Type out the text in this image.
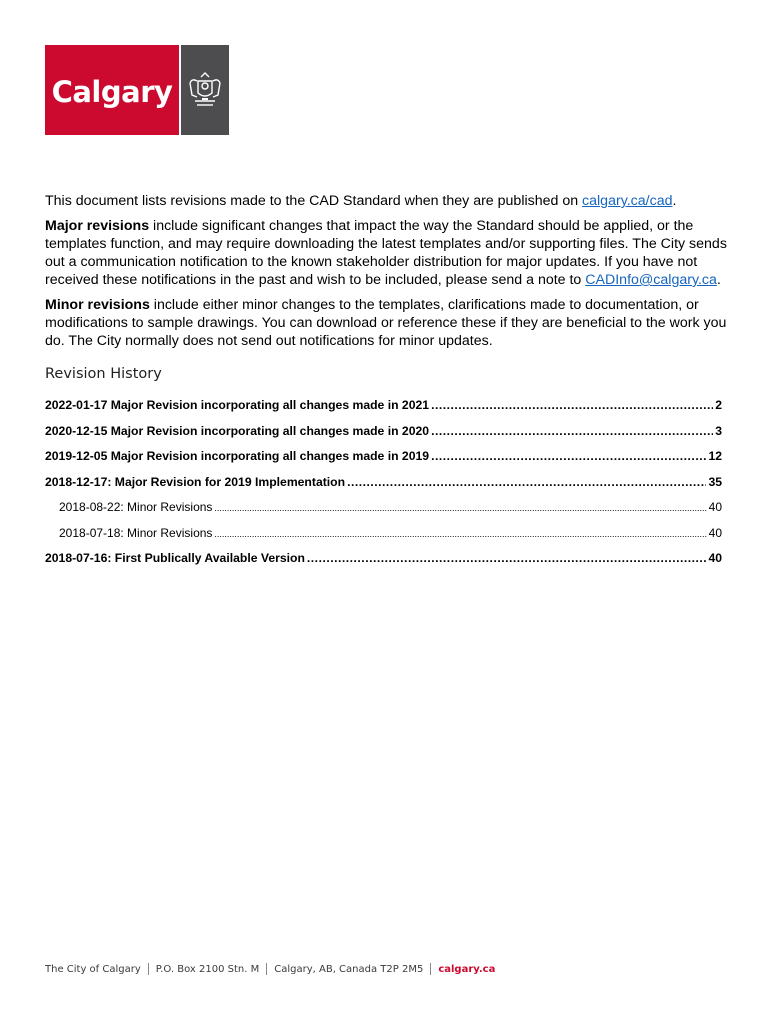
Calgary

This document lists revisions made to the CAD Standard when they are published on calgary.ca/cad.

Major revisions include significant changes that impact the way the Standard should be applied, or the templates function, and may require downloading the latest templates and/or supporting files. The City sends out a communication notification to the known stakeholder distribution for major updates. If you have not received these notifications in the past and wish to be included, please send a note to CADInfo@calgary.ca.

Minor revisions include either minor changes to the templates, clarifications made to documentation, or modifications to sample drawings. You can download or reference these if they are beneficial to the work you do. The City normally does not send out notifications for minor updates.

Revision History
2022-01-17 Major Revision incorporating all changes made in 2021 .....	2
2020-12-15 Major Revision incorporating all changes made in 2020 .....	3
2019-12-05 Major Revision incorporating all changes made in 2019 .....	12
2018-12-17: Major Revision for 2019 Implementation .....	35
2018-08-22: Minor Revisions .....	40
2018-07-18: Minor Revisions .....	40
2018-07-16: First Publically Available Version .....	40
The City of Calgary P.O. Box 2100 Stn. M Calgary, AB, Canada T2P 2M5 calgary.ca
